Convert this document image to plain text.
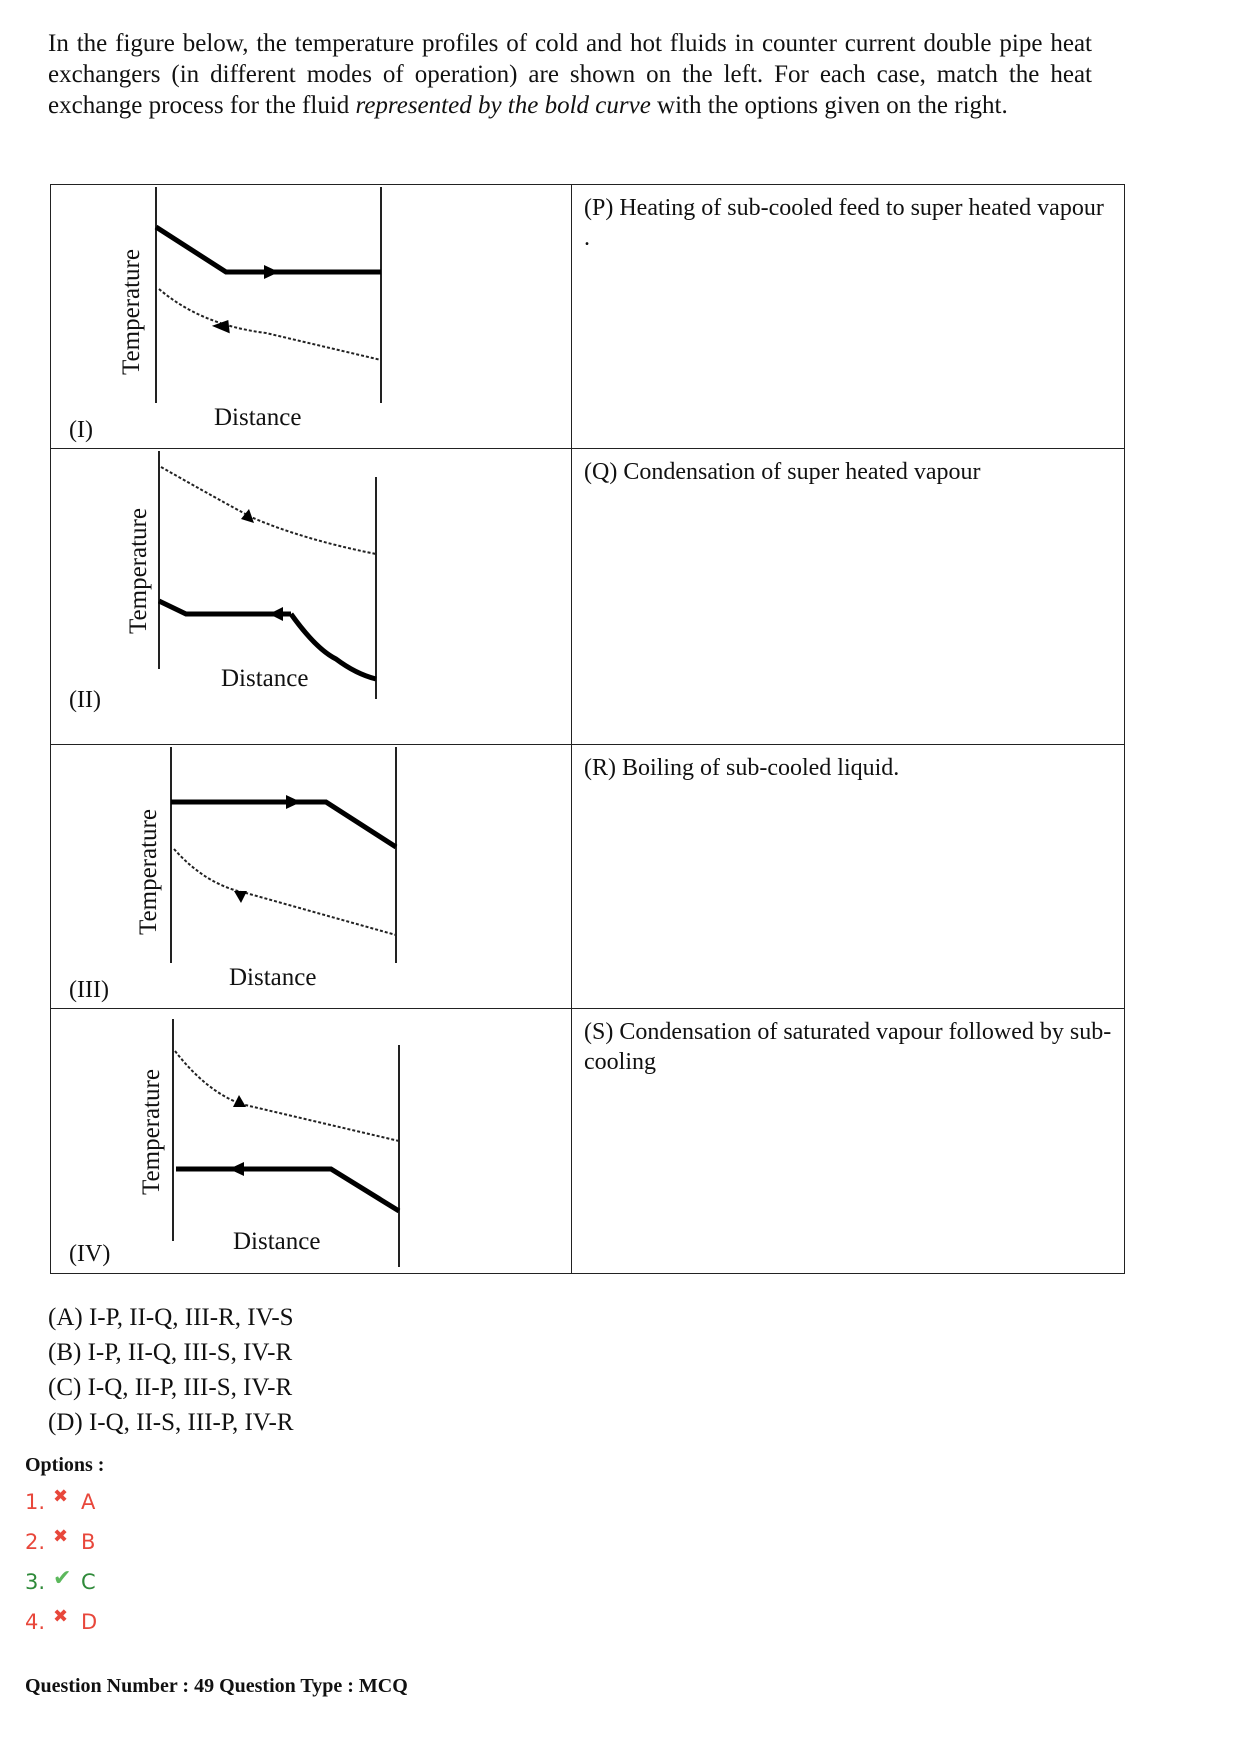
In the figure below, the temperature profiles of cold and hot fluids in counter current double pipe heat exchangers (in different modes of operation) are shown on the left. For each case, match the heat exchange process for the fluid represented by the bold curve with the options given on the right.
Temperature
Distance
(I)	(P) Heating of sub-cooled feed to super heated vapour .

Temperature
Distance
(II)	(Q) Condensation of super heated vapour

Temperature
Distance
(III)	(R) Boiling of sub-cooled liquid.

Temperature
Distance
(IV)	(S) Condensation of saturated vapour followed by sub-cooling
(A) I-P, II-Q, III-R, IV-S
(B) I-P, II-Q, III-S, IV-R
(C) I-Q, II-P, III-S, IV-R
(D) I-Q, II-S, III-P, IV-R
Options :
1. ✖ A
2. ✖ B
3. ✔ C
4. ✖ D
Question Number : 49 Question Type : MCQ
